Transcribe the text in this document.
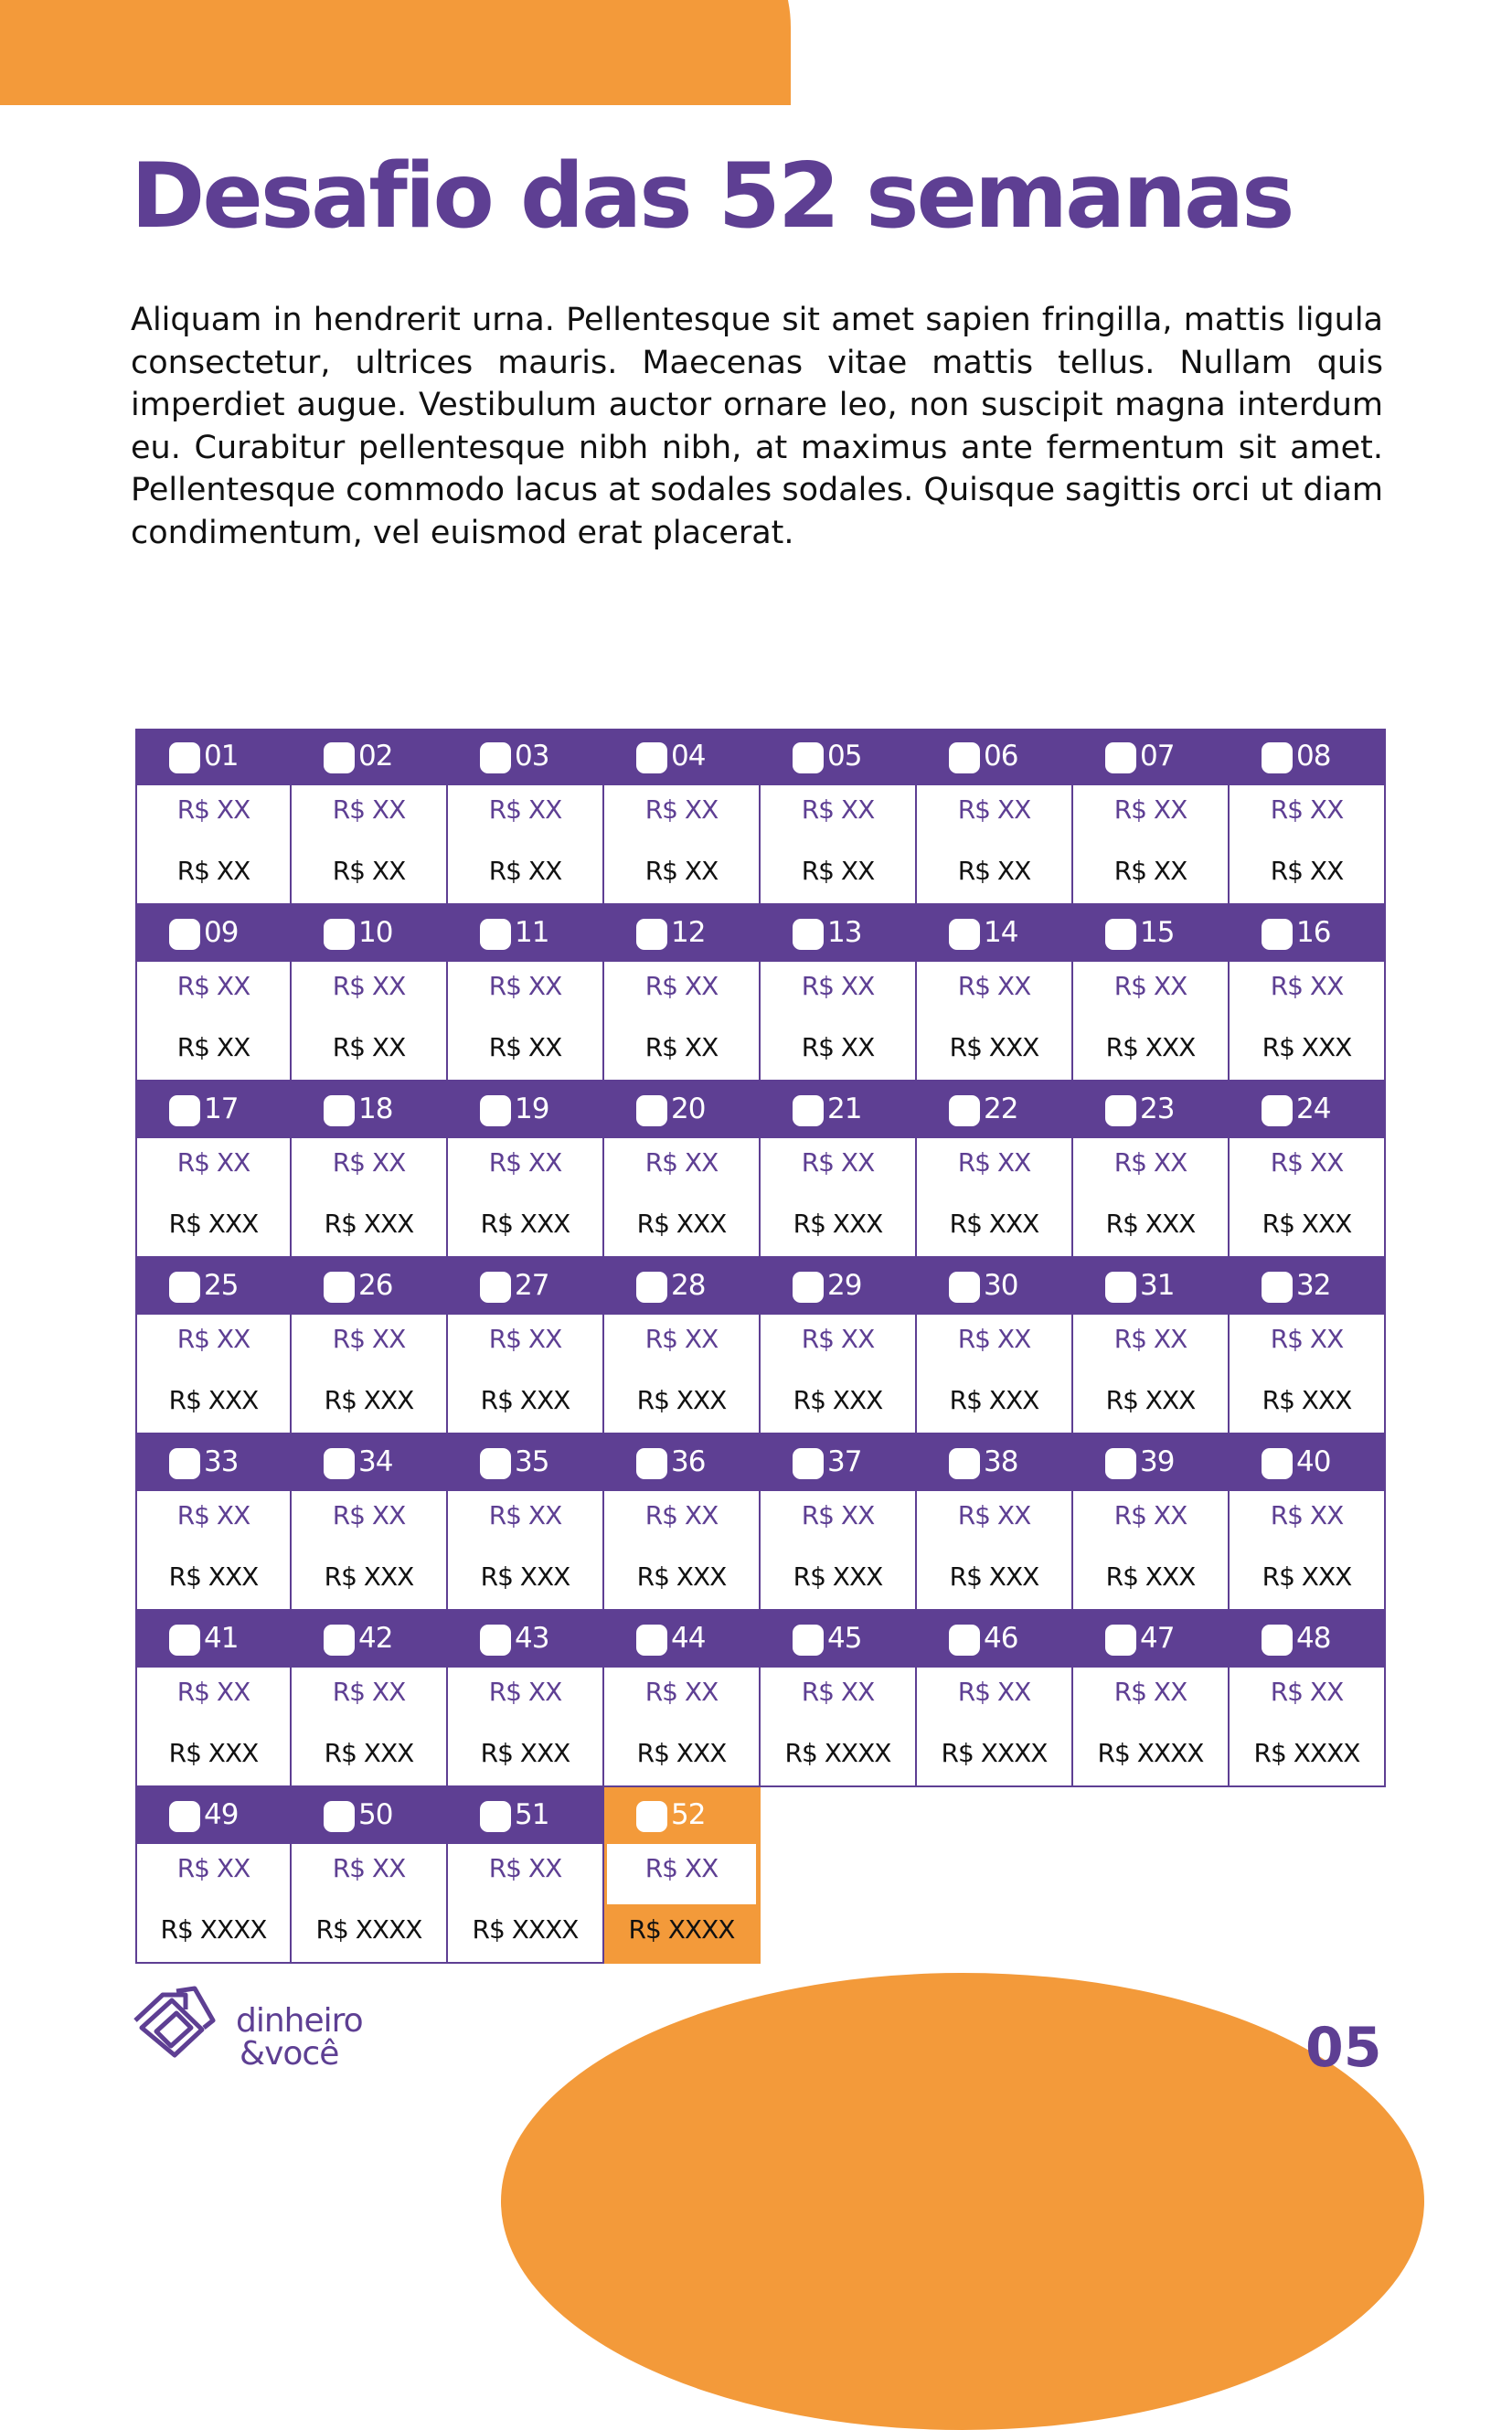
Desafio das 52 semanas

Aliquam in hendrerit urna. Pellentesque sit amet sapien fringilla, mattis ligula consectetur, ultrices mauris. Maecenas vitae mattis tellus. Nullam quis imperdiet augue. Vestibulum auctor ornare leo, non suscipit magna interdum eu. Curabitur pellentesque nibh nibh, at maximus ante fermentum sit amet. Pellentesque commodo lacus at sodales sodales. Quisque sagittis orci ut diam condimentum, vel euismod erat placerat.

01
R$ XX
R$ XX
02
R$ XX
R$ XX
03
R$ XX
R$ XX
04
R$ XX
R$ XX
05
R$ XX
R$ XX
06
R$ XX
R$ XX
07
R$ XX
R$ XX
08
R$ XX
R$ XX
09
R$ XX
R$ XX
10
R$ XX
R$ XX
11
R$ XX
R$ XX
12
R$ XX
R$ XX
13
R$ XX
R$ XX
14
R$ XX
R$ XXX
15
R$ XX
R$ XXX
16
R$ XX
R$ XXX
17
R$ XX
R$ XXX
18
R$ XX
R$ XXX
19
R$ XX
R$ XXX
20
R$ XX
R$ XXX
21
R$ XX
R$ XXX
22
R$ XX
R$ XXX
23
R$ XX
R$ XXX
24
R$ XX
R$ XXX
25
R$ XX
R$ XXX
26
R$ XX
R$ XXX
27
R$ XX
R$ XXX
28
R$ XX
R$ XXX
29
R$ XX
R$ XXX
30
R$ XX
R$ XXX
31
R$ XX
R$ XXX
32
R$ XX
R$ XXX
33
R$ XX
R$ XXX
34
R$ XX
R$ XXX
35
R$ XX
R$ XXX
36
R$ XX
R$ XXX
37
R$ XX
R$ XXX
38
R$ XX
R$ XXX
39
R$ XX
R$ XXX
40
R$ XX
R$ XXX
41
R$ XX
R$ XXX
42
R$ XX
R$ XXX
43
R$ XX
R$ XXX
44
R$ XX
R$ XXX
45
R$ XX
R$ XXXX
46
R$ XX
R$ XXXX
47
R$ XX
R$ XXXX
48
R$ XX
R$ XXXX
49
R$ XX
R$ XXXX
50
R$ XX
R$ XXXX
51
R$ XX
R$ XXXX
52
R$ XX
R$ XXXX
dinheiro
&você	05
